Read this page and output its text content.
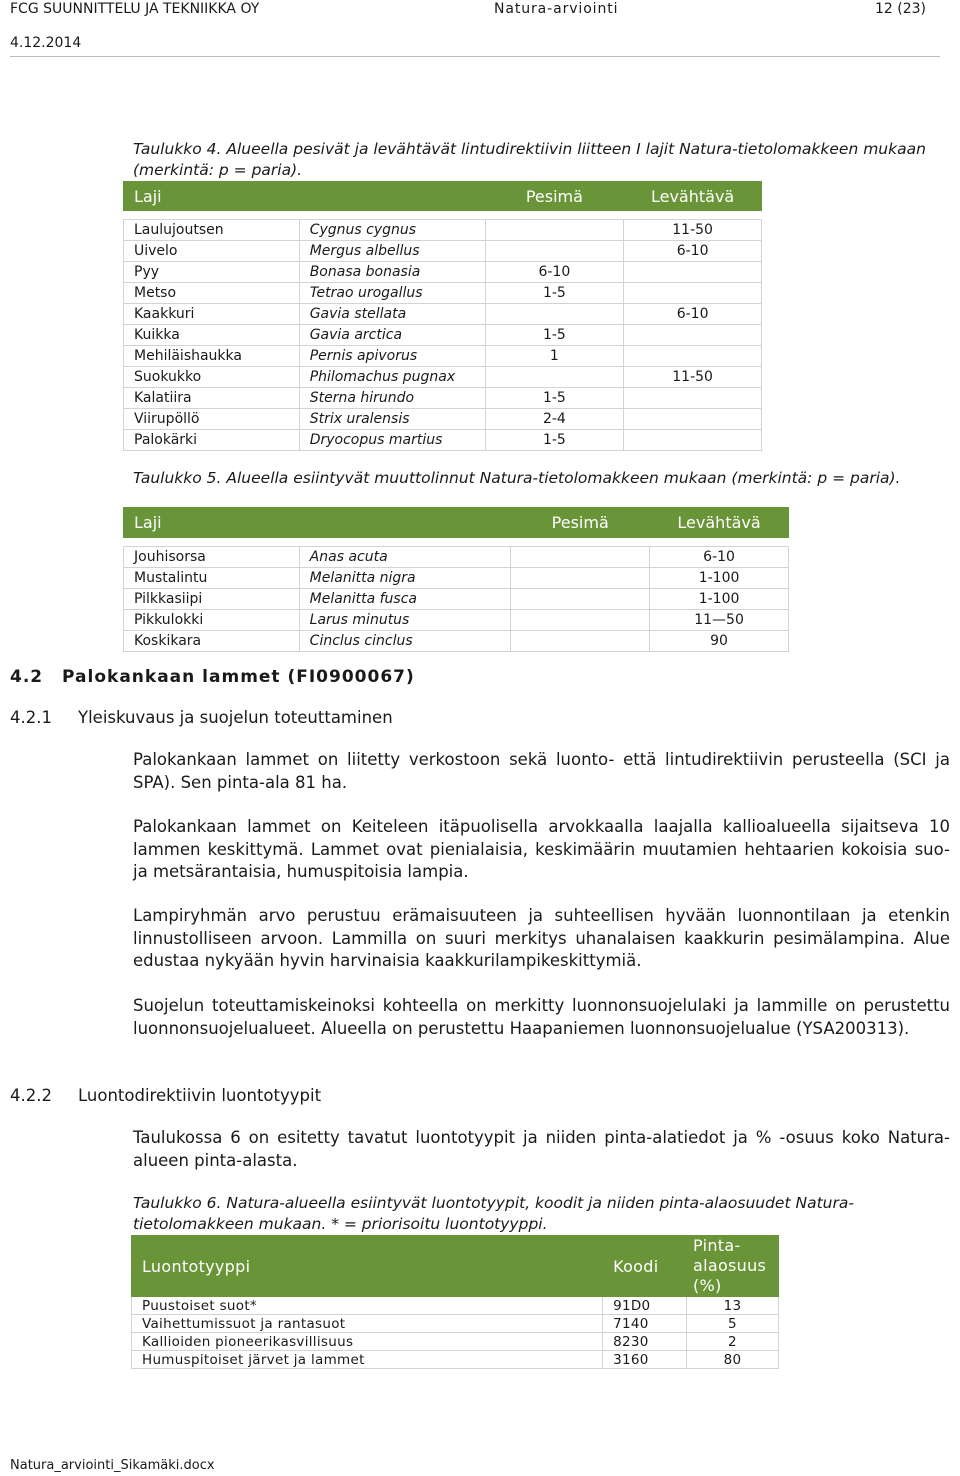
FCG SUUNNITTELU JA TEKNIIKKA OY	Natura-arviointi	12 (23)
4.12.2014
Taulukko 4. Alueella pesivät ja levähtävät lintudirektiivin liitteen I lajit Natura-tietolomakkeen mukaan (merkintä: p = paria).
Laji		Pesimä	Levähtävä

Laulujoutsen	Cygnus cygnus		11-50
Uivelo	Mergus albellus		6-10
Pyy	Bonasa bonasia	6-10	
Metso	Tetrao urogallus	1-5	
Kaakkuri	Gavia stellata		6-10
Kuikka	Gavia arctica	1-5	
Mehiläishaukka	Pernis apivorus	1	
Suokukko	Philomachus pugnax		11-50
Kalatiira	Sterna hirundo	1-5	
Viirupöllö	Strix uralensis	2-4	
Palokärki	Dryocopus martius	1-5	
Taulukko 5. Alueella esiintyvät muuttolinnut Natura-tietolomakkeen mukaan (merkintä: p = paria).
Laji		Pesimä	Levähtävä

Jouhisorsa	Anas acuta		6-10
Mustalintu	Melanitta nigra		1-100
Pilkkasiipi	Melanitta fusca		1-100
Pikkulokki	Larus minutus		11—50
Koskikara	Cinclus cinclus		90
4.2 Palokankaan lammet (FI0900067)
4.2.1 Yleiskuvaus ja suojelun toteuttaminen
Palokankaan lammet on liitetty verkostoon sekä luonto- että lintudirektiivin perusteella (SCI ja SPA). Sen pinta-ala 81 ha.
Palokankaan lammet on Keiteleen itäpuolisella arvokkaalla laajalla kallioalueella sijaitseva 10 lammen keskittymä. Lammet ovat pienialaisia, keskimäärin muutamien hehtaarien kokoisia suo- ja metsärantaisia, humuspitoisia lampia.
Lampiryhmän arvo perustuu erämaisuuteen ja suhteellisen hyvään luonnontilaan ja etenkin linnustolliseen arvoon. Lammilla on suuri merkitys uhanalaisen kaakkurin pesimälampina. Alue edustaa nykyään hyvin harvinaisia kaakkurilampikeskittymiä.
Suojelun toteuttamiskeinoksi kohteella on merkitty luonnonsuojelulaki ja lammille on perustettu luonnonsuojelualueet. Alueella on perustettu Haapaniemen luonnonsuojelualue (YSA200313).
4.2.2 Luontodirektiivin luontotyypit
Taulukossa 6 on esitetty tavatut luontotyypit ja niiden pinta-alatiedot ja % -osuus koko Natura-alueen pinta-alasta.
Taulukko 6. Natura-alueella esiintyvät luontotyypit, koodit ja niiden pinta-alaosuudet Natura-tietolomakkeen mukaan. * = priorisoitu luontotyyppi.
Luontotyyppi	Koodi	Pinta-alaosuus (%)
Puustoiset suot*	91D0	13
Vaihettumissuot ja rantasuot	7140	5
Kallioiden pioneerikasvillisuus	8230	2
Humuspitoiset järvet ja lammet	3160	80
Natura_arviointi_Sikamäki.docx
